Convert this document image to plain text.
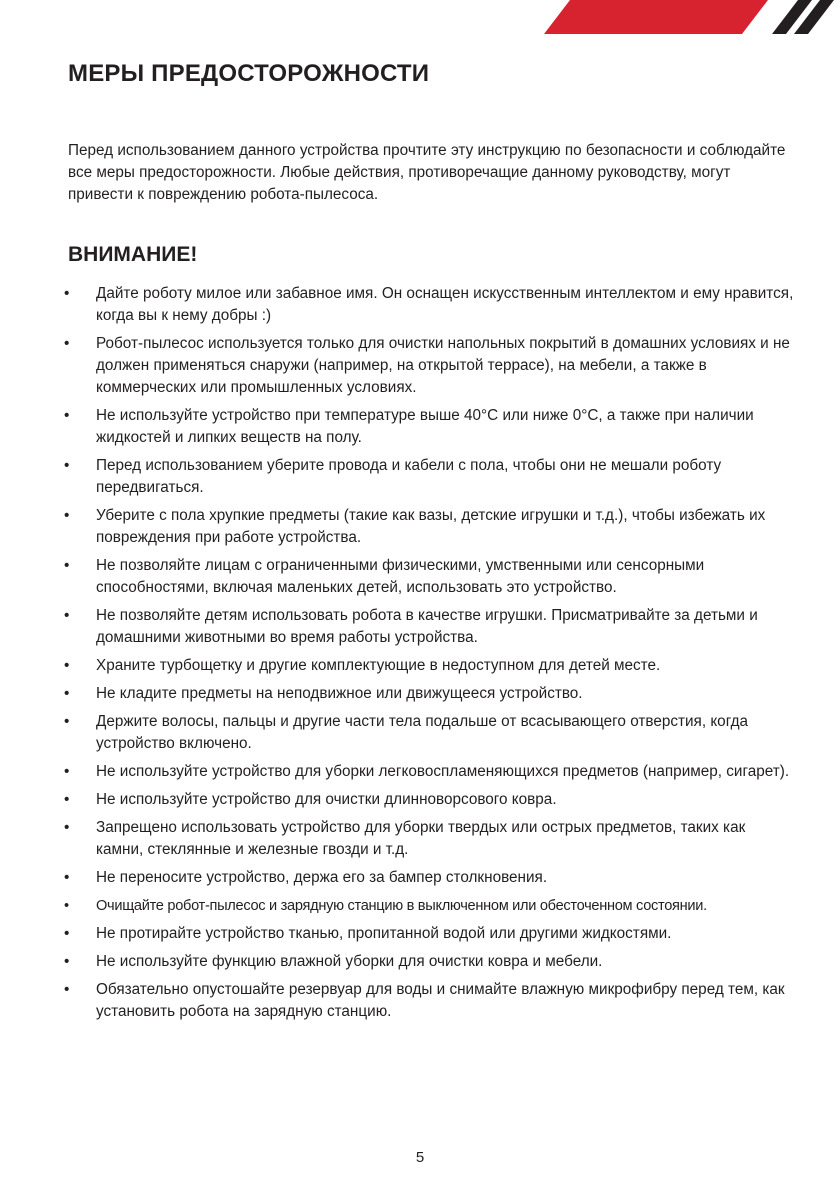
МЕРЫ ПРЕДОСТОРОЖНОСТИ

Перед использованием данного устройства прочтите эту инструкцию по безопасности и соблюдайте все меры предосторожности. Любые действия, противоречащие данному руководству, могут привести к повреждению робота-пылесоса.

ВНИМАНИЕ!
• Дайте роботу милое или забавное имя. Он оснащен искусственным интеллектом и ему нравится, когда вы к нему добры :)
• Робот-пылесос используется только для очистки напольных покрытий в домашних условиях и не должен применяться снаружи (например, на открытой террасе), на мебели, а также в коммерческих или промышленных условиях.
• Не используйте устройство при температуре выше 40°C или ниже 0°C, а также при наличии жидкостей и липких веществ на полу.
• Перед использованием уберите провода и кабели с пола, чтобы они не мешали роботу передвигаться.
• Уберите с пола хрупкие предметы (такие как вазы, детские игрушки и т.д.), чтобы избежать их повреждения при работе устройства.
• Не позволяйте лицам с ограниченными физическими, умственными или сенсорными способностями, включая маленьких детей, использовать это устройство.
• Не позволяйте детям использовать робота в качестве игрушки. Присматривайте за детьми и домашними животными во время работы устройства.
• Храните турбощетку и другие комплектующие в недоступном для детей месте.
• Не кладите предметы на неподвижное или движущееся устройство.
• Держите волосы, пальцы и другие части тела подальше от всасывающего отверстия, когда устройство включено.
• Не используйте устройство для уборки легковоспламеняющихся предметов (например, сигарет).
• Не используйте устройство для очистки длинноворсового ковра.
• Запрещено использовать устройство для уборки твердых или острых предметов, таких как камни, стеклянные и железные гвозди и т.д.
• Не переносите устройство, держа его за бампер столкновения.
• Очищайте робот-пылесос и зарядную станцию в выключенном или обесточенном состоянии.
• Не протирайте устройство тканью, пропитанной водой или другими жидкостями.
• Не используйте функцию влажной уборки для очистки ковра и мебели.
• Обязательно опустошайте резервуар для воды и снимайте влажную микрофибру перед тем, как установить робота на зарядную станцию.
5
